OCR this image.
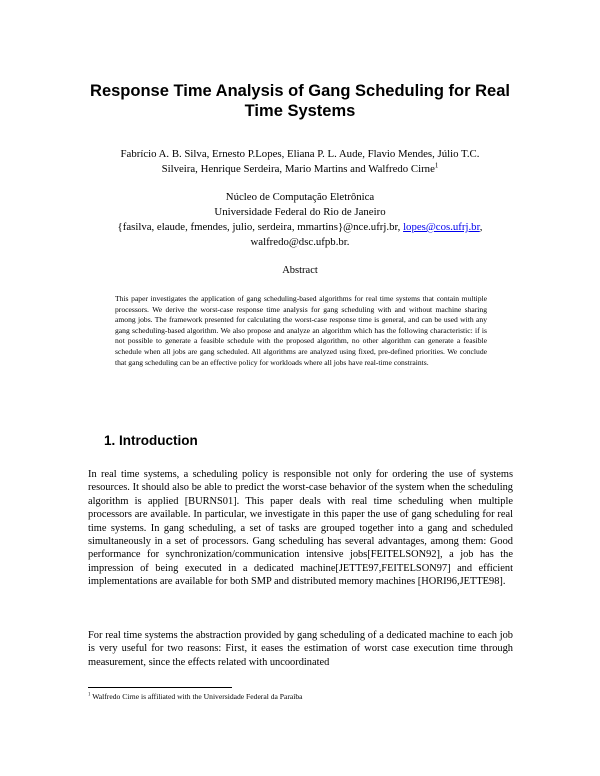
Response Time Analysis of Gang Scheduling for Real
Time Systems
Fabrício A. B. Silva, Ernesto P.Lopes, Eliana P. L. Aude, Flavio Mendes, Júlio T.C.
Silveira, Henrique Serdeira, Mario Martins and Walfredo Cirne$^1$
Núcleo de Computação Eletrônica
Universidade Federal do Rio de Janeiro
{fasilva, elaude, fmendes, julio, serdeira, mmartins}@nce.ufrj.br, lopes@cos.ufrj.br,
walfredo@dsc.ufpb.br.
Abstract
This paper investigates the application of gang scheduling-based algorithms for real time systems that contain multiple processors. We derive the worst-case response time analysis for gang scheduling with and without machine sharing among jobs. The framework presented for calculating the worst-case response time is general, and can be used with any gang scheduling-based algorithm. We also propose and analyze an algorithm which has the following characteristic: if is not possible to generate a feasible schedule with the proposed algorithm, no other algorithm can generate a feasible schedule when all jobs are gang scheduled. All algorithms are analyzed using fixed, pre-defined priorities. We conclude that gang scheduling can be an effective policy for workloads where all jobs have real-time constraints.
1. Introduction
In real time systems, a scheduling policy is responsible not only for ordering the use of systems resources. It should also be able to predict the worst-case behavior of the system when the scheduling algorithm is applied [BURNS01]. This paper deals with real time scheduling when multiple processors are available. In particular, we investigate in this paper the use of gang scheduling for real time systems. In gang scheduling, a set of tasks are grouped together into a gang and scheduled simultaneously in a set of processors. Gang scheduling has several advantages, among them: Good performance for synchronization/communication intensive jobs[FEITELSON92], a job has the impression of being executed in a dedicated machine[JETTE97,FEITELSON97] and efficient implementations are available for both SMP and distributed memory machines [HORI96,JETTE98].
For real time systems the abstraction provided by gang scheduling of a dedicated machine to each job is very useful for two reasons: First, it eases the estimation of worst case execution time through measurement, since the effects related with uncoordinated
$^1$ Walfredo Cirne is affiliated with the Universidade Federal da Paraíba
